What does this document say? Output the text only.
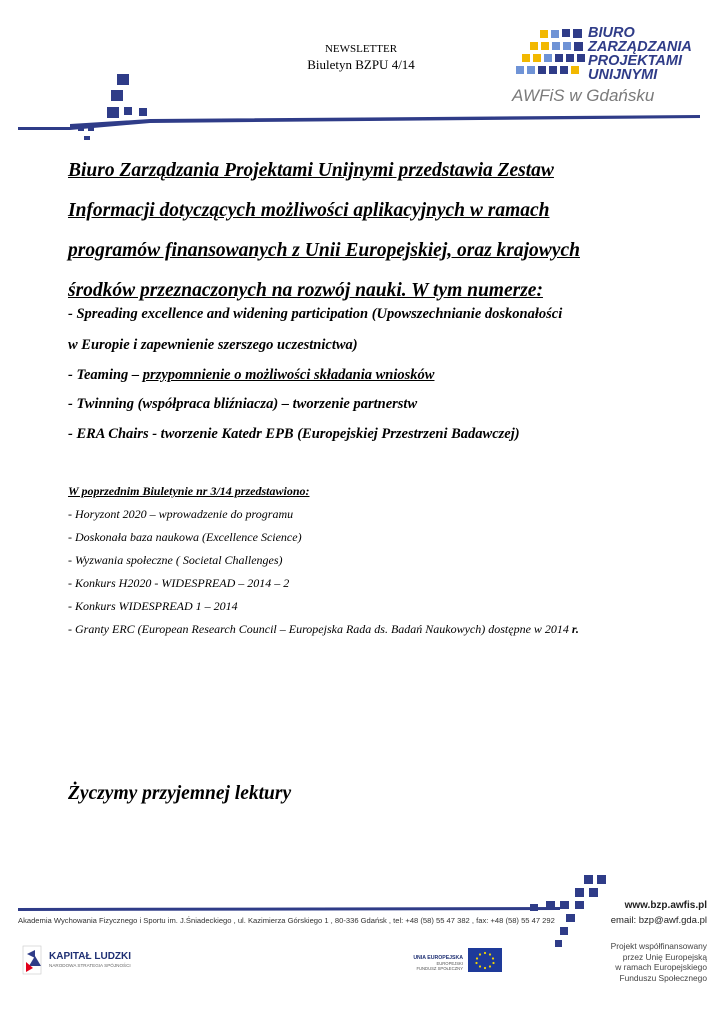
NEWSLETTER
Biuletyn BZPU 4/14
BIURO
ZARZĄDZANIA
PROJEKTAMI
UNIJNYMI
AWFiS w Gdańsku

Biuro Zarządzania Projektami Unijnymi przedstawia Zestaw

Informacji dotyczących możliwości aplikacyjnych w ramach

programów finansowanych z Unii Europejskiej, oraz krajowych

środków przeznaczonych na rozwój nauki. W tym numerze:

- Spreading excellence and widening participation (Upowszechnianie doskonałości
w Europie i zapewnienie szerszego uczestnictwa)
- Teaming – przypomnienie o możliwości składania wniosków
- Twinning (współpraca bliźniacza) – tworzenie partnerstw
- ERA Chairs - tworzenie Katedr EPB (Europejskiej Przestrzeni Badawczej)
W poprzednim Biuletynie nr 3/14 przedstawiono:
- Horyzont 2020 – wprowadzenie do programu
- Doskonała baza naukowa (Excellence Science)
- Wyzwania społeczne ( Societal Challenges)
- Konkurs H2020 - WIDESPREAD – 2014 – 2
- Konkurs WIDESPREAD 1 – 2014
- Granty ERC (European Research Council – Europejska Rada ds. Badań Naukowych) dostępne w 2014 r.
Życzymy przyjemnej lektury
Akademia Wychowania Fizycznego i Sportu im. J.Śniadeckiego , ul. Kazimierza Górskiego 1 , 80-336 Gdańsk , tel: +48 (58) 55 47 382 , fax: +48 (58) 55 47 292
www.bzp.awfis.pl
email: bzp@awf.gda.pl
Projekt współfinansowany
przez Unię Europejską
w ramach Europejskiego
Funduszu Społecznego
KAPITAŁ LUDZKI
NARODOWA STRATEGIA SPÓJNOŚCI
UNIA EUROPEJSKA
EUROPEJSKI
FUNDUSZ SPOŁECZNY
